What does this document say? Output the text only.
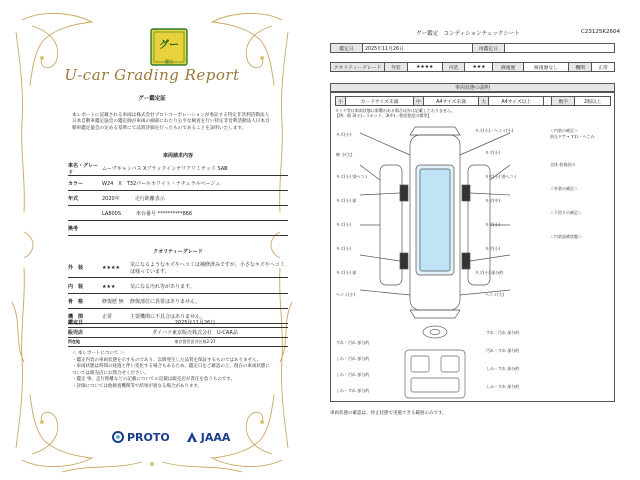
グー
鑑定
U-car Grading Report
グー鑑定証
本レポートに記載される車両は株式会社プロトコーポレーションが委託する特定非営利活動法人日本自動車鑑定協会の鑑定師が車両の細部にわたり公平な検査を行い特定非営利活動法人日本自動車鑑定協会の定める基準にて品質評価を行ったものであることを証明いたします。
車両請求内容
車名・グレード
ムーヴキャンバス Xブラックインテリアリミテッド SAⅢ
カラー	W24　X　T32パールホワイト・ナチュラルベージュ
年式	2020年　　　走行距離表示
LA800S　　　車台番号 **********866
換考
クオリティーグレード
外　装	★★★★	気になるようなキズやヘコミは補修済みですが、小さなキズやヘコミは残っています。
内　装	★★★	気になる汚れ等があります。
骨　格	修復歴 無	修復部位に異常はありません。
機　関	正常	主要機関に不具合はありません。
鑑定日	2025年11月26日
販売店	ダイハツ東京販売株式会社　U-CAR品
所在地	東京都世田谷区桜2-27
＜ 本レポートについて ＞
・鑑定内容の車両状態を示すものであり、以降発生した品質を保証するものではありません。
・車両状態は時間の経過と伴い変化する場合もあるため、鑑定日をご確認の上、現在の車両状態については販売店にお問合せください。
・鑑定 事、走行距離などの記載についての記載は販売店が責任を負うものです。
・評価については他検査機関等で結果が異なる場合があります。
PROTO	JAAA
グー鑑定　コンディションチェックシート	C23125K2604
鑑定日	2025年11月26日	再鑑定日	
クオリティーグレード	外装	★★★★	内装	★★★	修復歴	修復歴なし	機関	正常
車両状態の説明
小	カードサイズ未満	中	A4サイズ未満	大	A4サイズ以上		数字	2個以上
タイヤ等は車両状態に影響がある場合以外は記載しておりません。
【例：傷 3(小)＝スポット、3(中)＝程度程度の傷等】
キズ(小)
線 小(大)
キズ(小) 別ヘコミ
キズ(小) 部
キズ(小)
キズ(小)
キズ(小) 部
ヘコミ(小)
キズ(小)・ヘコミ(小)
キズ(小)
キズ(小) 別ヘコミ
キズ(中)
キズ(小)
キズ(小)
キズ(小) 部分的
ヘコミ(大)
＜内装の補足＞
前左ドア→ すれ・へこみ
全体 装着品の
＜外装の補足＞
＜下回りの補足＞
＜内装設備状態＞
すれ・汚れ 部分的
すれ・汚れ 部分的
しみ・汚れ 部分的
汚れ・すれ 部分的
しみ・汚れ 部分的
しみ・すれ 部分的
しみ・すれ 部分的
しみ・すれ 部分的
車両状態の確認は、停止状態で実施できる範囲のみです。
